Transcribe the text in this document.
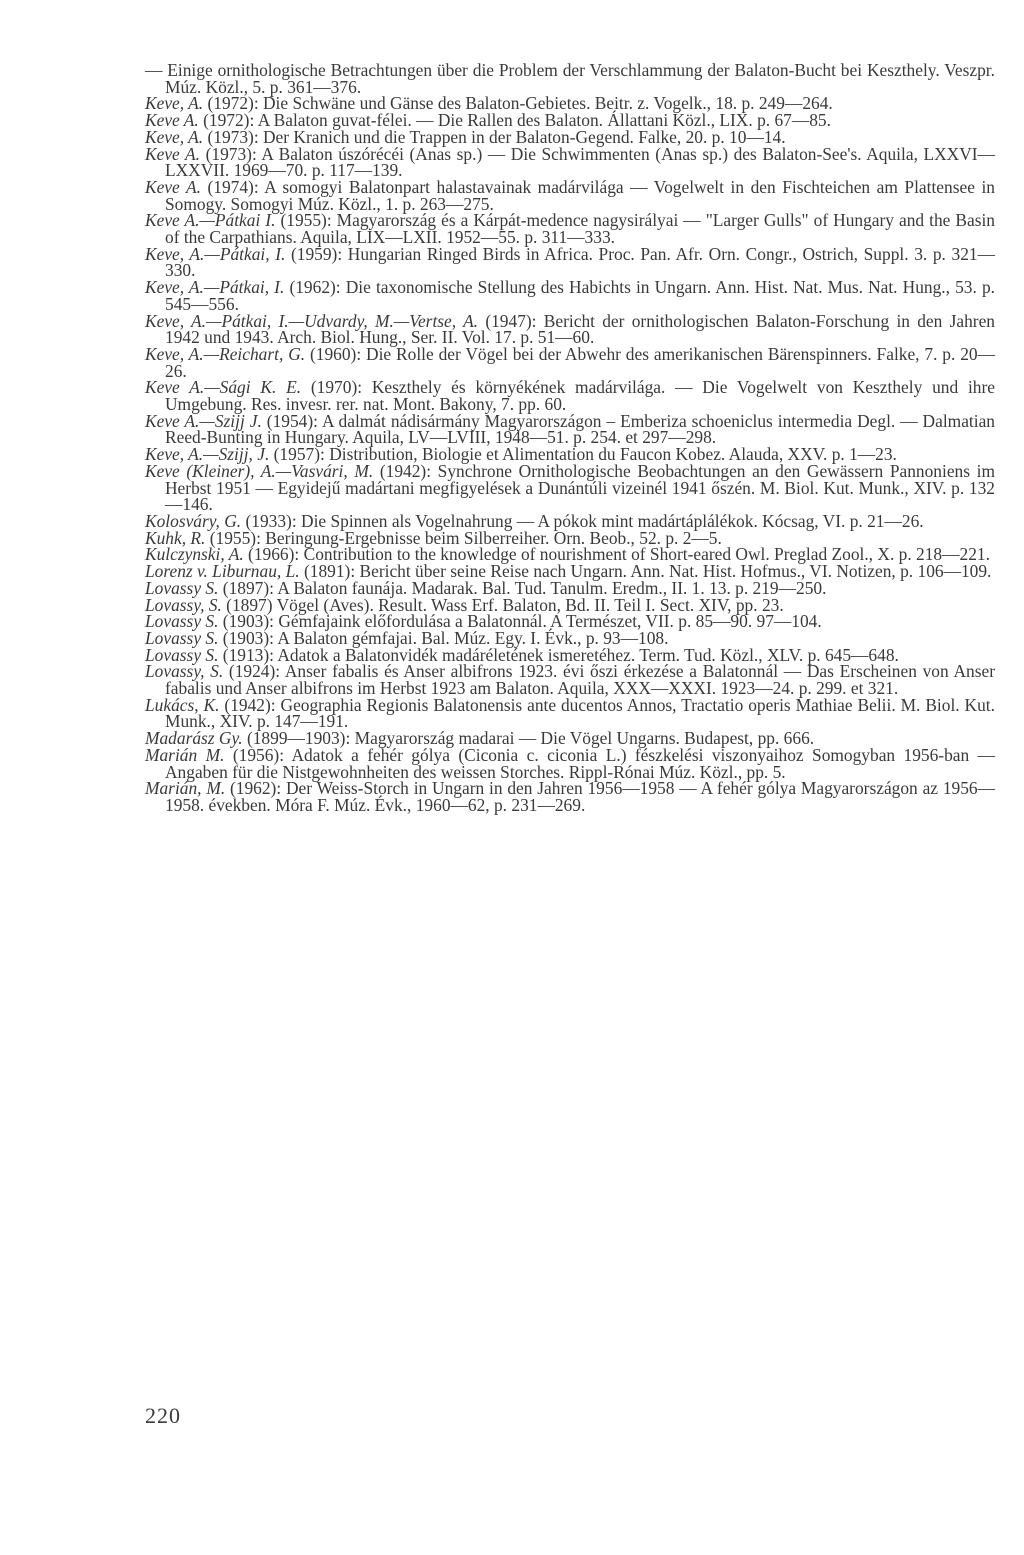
— Einige ornithologische Betrachtungen über die Problem der Verschlammung der Balaton-Bucht bei Keszthely. Veszpr. Múz. Közl., 5. p. 361—376.

Keve, A. (1972): Die Schwäne und Gänse des Balaton-Gebietes. Beitr. z. Vogelk., 18. p. 249—264.

Keve A. (1972): A Balaton guvat-félei. — Die Rallen des Balaton. Állattani Közl., LIX. p. 67—85.

Keve, A. (1973): Der Kranich und die Trappen in der Balaton-Gegend. Falke, 20. p. 10—14.

Keve A. (1973): A Balaton úszórécéi (Anas sp.) — Die Schwimmenten (Anas sp.) des Balaton-See's. Aquila, LXXVI—LXXVII. 1969—70. p. 117—139.

Keve A. (1974): A somogyi Balatonpart halastavainak madárvilága — Vogelwelt in den Fischteichen am Plattensee in Somogy. Somogyi Múz. Közl., 1. p. 263—275.

Keve A.—Pátkai I. (1955): Magyarország és a Kárpát-medence nagysirályai — "Larger Gulls" of Hungary and the Basin of the Carpathians. Aquila, LIX—LXII. 1952—55. p. 311—333.

Keve, A.—Pátkai, I. (1959): Hungarian Ringed Birds in Africa. Proc. Pan. Afr. Orn. Congr., Ostrich, Suppl. 3. p. 321—330.

Keve, A.—Pátkai, I. (1962): Die taxonomische Stellung des Habichts in Ungarn. Ann. Hist. Nat. Mus. Nat. Hung., 53. p. 545—556.

Keve, A.—Pátkai, I.—Udvardy, M.—Vertse, A. (1947): Bericht der ornithologischen Balaton-Forschung in den Jahren 1942 und 1943. Arch. Biol. Hung., Ser. II. Vol. 17. p. 51—60.

Keve, A.—Reichart, G. (1960): Die Rolle der Vögel bei der Abwehr des amerikanischen Bärenspinners. Falke, 7. p. 20—26.

Keve A.—Sági K. E. (1970): Keszthely és környékének madárvilága. — Die Vogelwelt von Keszthely und ihre Umgebung. Res. invesr. rer. nat. Mont. Bakony, 7. pp. 60.

Keve A.—Szijj J. (1954): A dalmát nádisármány Magyarországon – Emberiza schoeniclus intermedia Degl. — Dalmatian Reed-Bunting in Hungary. Aquila, LV—LVIII, 1948—51. p. 254. et 297—298.

Keve, A.—Szijj, J. (1957): Distribution, Biologie et Alimentation du Faucon Kobez. Alauda, XXV. p. 1—23.

Keve (Kleiner), A.—Vasvári, M. (1942): Synchrone Ornithologische Beobachtungen an den Gewässern Pannoniens im Herbst 1951 — Egyidejű madártani megfigyelések a Dunántúli vizeinél 1941 őszén. M. Biol. Kut. Munk., XIV. p. 132—146.

Kolosváry, G. (1933): Die Spinnen als Vogelnahrung — A pókok mint madártáplálékok. Kócsag, VI. p. 21—26.

Kuhk, R. (1955): Beringung-Ergebnisse beim Silberreiher. Orn. Beob., 52. p. 2—5.

Kulczynski, A. (1966): Contribution to the knowledge of nourishment of Short-eared Owl. Preglad Zool., X. p. 218—221.

Lorenz v. Liburnau, L. (1891): Bericht über seine Reise nach Ungarn. Ann. Nat. Hist. Hofmus., VI. Notizen, p. 106—109.

Lovassy S. (1897): A Balaton faunája. Madarak. Bal. Tud. Tanulm. Eredm., II. 1. 13. p. 219—250.

Lovassy, S. (1897) Vögel (Aves). Result. Wass Erf. Balaton, Bd. II. Teil I. Sect. XIV, pp. 23.

Lovassy S. (1903): Gémfajaink előfordulása a Balatonnál. A Természet, VII. p. 85—90. 97—104.

Lovassy S. (1903): A Balaton gémfajai. Bal. Múz. Egy. I. Évk., p. 93—108.

Lovassy S. (1913): Adatok a Balatonvidék madáréletének ismeretéhez. Term. Tud. Közl., XLV. p. 645—648.

Lovassy, S. (1924): Anser fabalis és Anser albifrons 1923. évi őszi érkezése a Balatonnál — Das Erscheinen von Anser fabalis und Anser albifrons im Herbst 1923 am Balaton. Aquila, XXX—XXXI. 1923—24. p. 299. et 321.

Lukács, K. (1942): Geographia Regionis Balatonensis ante ducentos Annos, Tractatio operis Mathiae Belii. M. Biol. Kut. Munk., XIV. p. 147—191.

Madarász Gy. (1899—1903): Magyarország madarai — Die Vögel Ungarns. Budapest, pp. 666.

Marián M. (1956): Adatok a fehér gólya (Ciconia c. ciconia L.) fészkelési viszonyaihoz Somogyban 1956-ban — Angaben für die Nistgewohnheiten des weissen Storches. Rippl-Rónai Múz. Közl., pp. 5.

Marián, M. (1962): Der Weiss-Storch in Ungarn in den Jahren 1956—1958 — A fehér gólya Magyarországon az 1956—1958. években. Móra F. Múz. Évk., 1960—62, p. 231—269.

220
